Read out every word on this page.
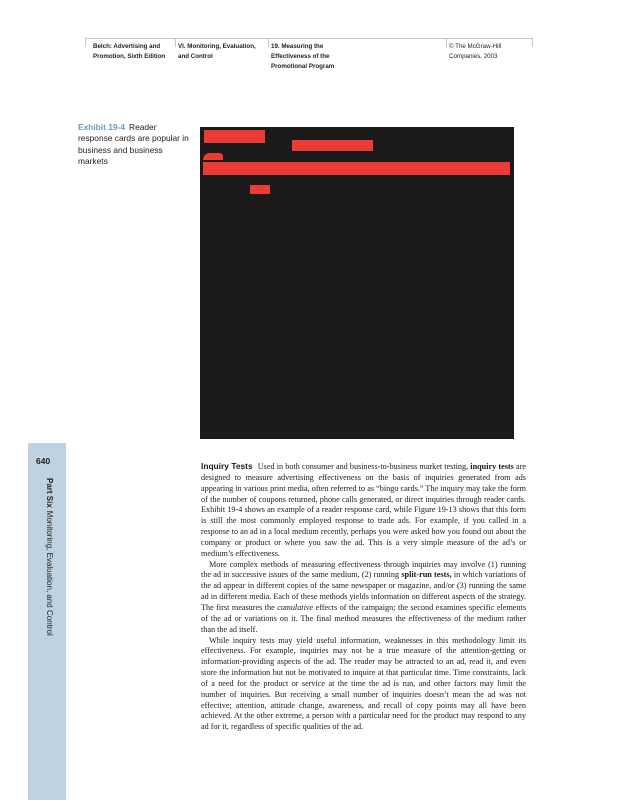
Belch: Advertising and Promotion, Sixth Edition
VI. Monitoring, Evaluation, and Control
19. Measuring the Effectiveness of the Promotional Program
© The McGraw-Hill Companies, 2003
Exhibit 19-4 Reader response cards are popular in business and business markets
640
Part SixMonitoring, Evaluation, and Control

Inquiry Tests Used in both consumer and business-to-business market testing, inquiry tests are designed to measure advertising effectiveness on the basis of inquiries generated from ads appearing in various print media, often referred to as “bingo cards.” The inquiry may take the form of the number of coupons returned, phone calls generated, or direct inquiries through reader cards. Exhibit 19-4 shows an example of a reader response card, while Figure 19-13 shows that this form is still the most commonly employed response to trade ads. For example, if you called in a response to an ad in a local medium recently, perhaps you were asked how you found out about the company or product or where you saw the ad. This is a very simple measure of the ad’s or medium’s effectiveness.

More complex methods of measuring effectiveness through inquiries may involve (1) running the ad in successive issues of the same medium, (2) running split-run tests, in which variations of the ad appear in different copies of the same newspaper or magazine, and/or (3) running the same ad in different media. Each of these methods yields information on different aspects of the strategy. The first measures the cumulative effects of the campaign; the second examines specific elements of the ad or variations on it. The final method measures the effectiveness of the medium rather than the ad itself.

While inquiry tests may yield useful information, weaknesses in this methodology limit its effectiveness. For example, inquiries may not be a true measure of the attention-getting or information-providing aspects of the ad. The reader may be attracted to an ad, read it, and even store the information but not be motivated to inquire at that particular time. Time constraints, lack of a need for the product or service at the time the ad is run, and other factors may limit the number of inquiries. But receiving a small number of inquiries doesn’t mean the ad was not effective; attention, attitude change, awareness, and recall of copy points may all have been achieved. At the other extreme, a person with a particular need for the product may respond to any ad for it, regardless of specific qualities of the ad.
